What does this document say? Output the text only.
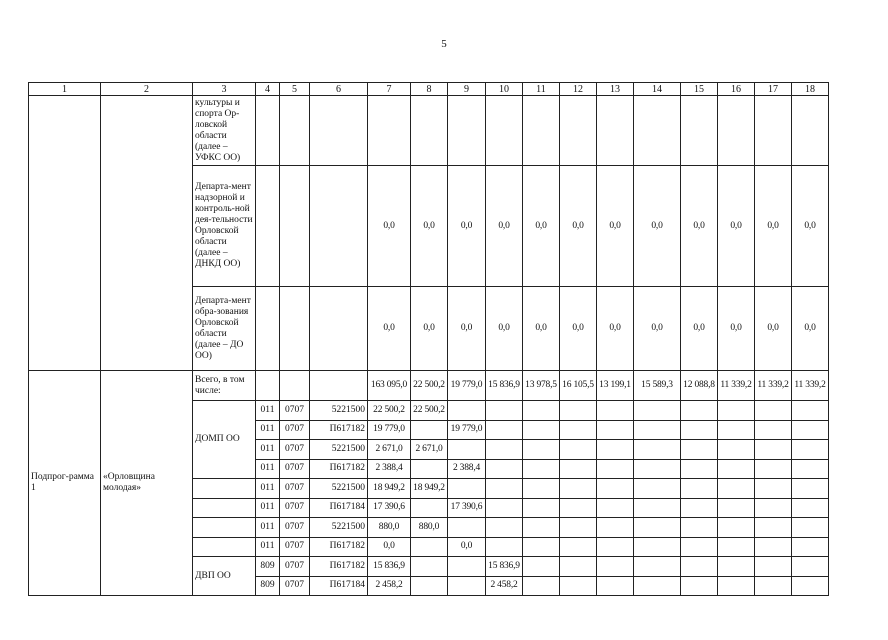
5
1	2	3	4	5	6	7	8	9	10	11	12	13	14	15	16	17	18
		культуры и спорта Ор-ловской области (далее – УФКС ОО)															
		Департа-мент надзорной и контроль-ной дея-тельности Орловской области (далее – ДНКД ОО)				0,0	0,0	0,0	0,0	0,0	0,0	0,0	0,0	0,0	0,0	0,0	0,0
		Департа-мент обра-зования Орловской области (далее – ДО ОО)				0,0	0,0	0,0	0,0	0,0	0,0	0,0	0,0	0,0	0,0	0,0	0,0
Подпрог-рамма 1	«Орловщина молодая»	Всего, в том числе:				163 095,0	22 500,2	19 779,0	15 836,9	13 978,5	16 105,5	13 199,1	15 589,3	12 088,8	11 339,2	11 339,2	11 339,2
		ДОМП ОО	011	0707	5221500	22 500,2	22 500,2										
			011	0707	П617182	19 779,0		19 779,0									
			011	0707	5221500	2 671,0	2 671,0										
			011	0707	П617182	2 388,4		2 388,4									
			011	0707	5221500	18 949,2	18 949,2										
			011	0707	П617184	17 390,6		17 390,6									
			011	0707	5221500	880,0	880,0										
			011	0707	П617182	0,0		0,0									
		ДВП ОО	809	0707	П617182	15 836,9			15 836,9								
			809	0707	П617184	2 458,2			2 458,2								
